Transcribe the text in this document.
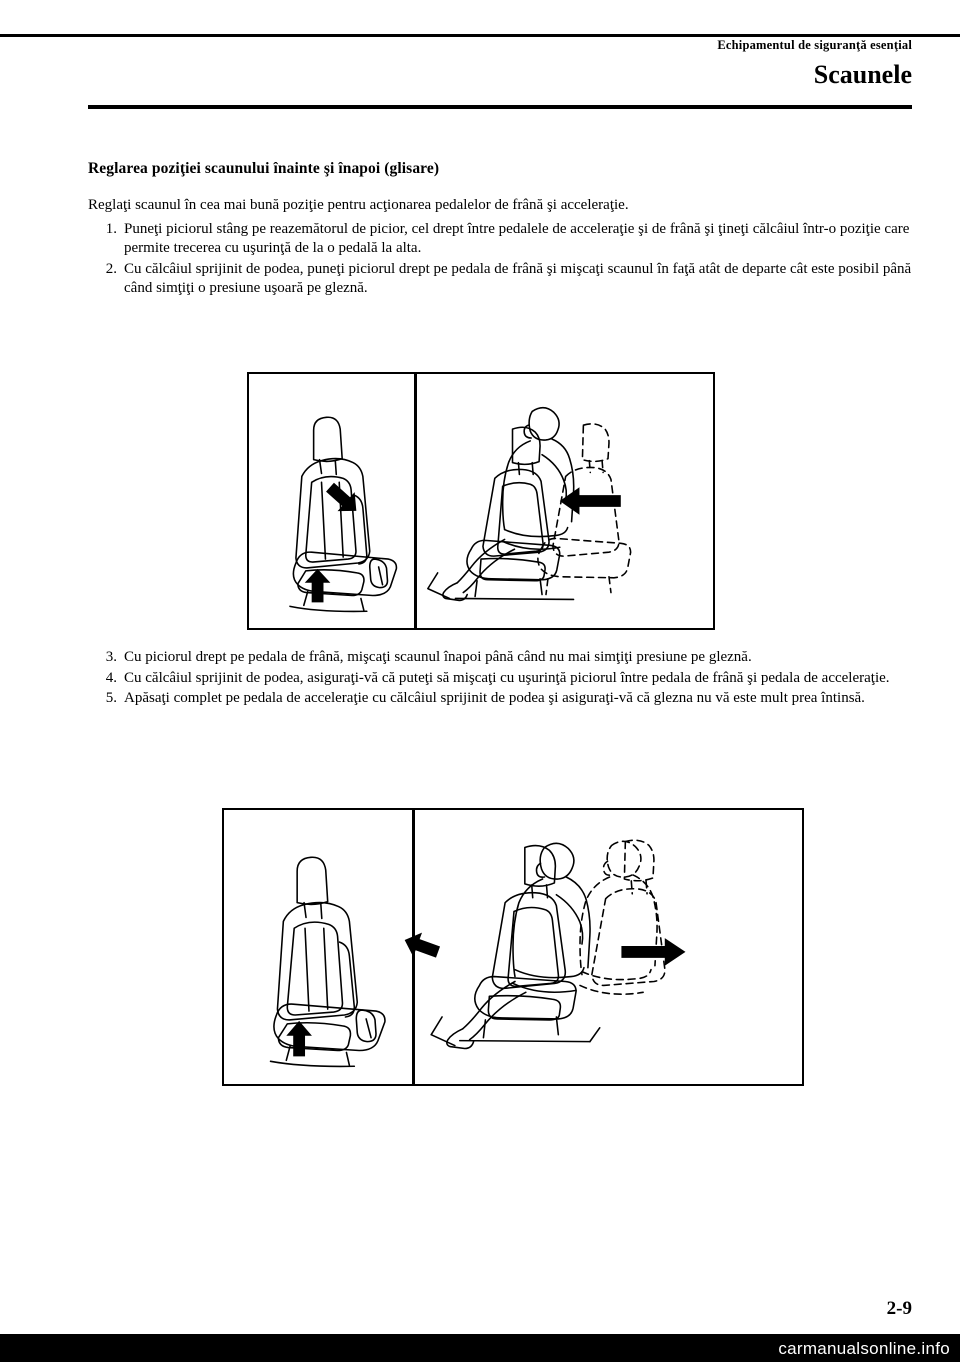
Echipamentul de siguranţă esenţial
Scaunele

Reglarea poziţiei scaunului înainte şi înapoi (glisare)

Reglaţi scaunul în cea mai bună poziţie pentru acţionarea pedalelor de frână şi acceleraţie.

1. Puneţi piciorul stâng pe reazemătorul de picior, cel drept între pedalele de acceleraţie şi de frână şi ţineţi călcâiul într-o poziţie care permite trecerea cu uşurinţă de la o pedală la alta.
2. Cu călcâiul sprijinit de podea, puneţi piciorul drept pe pedala de frână şi mişcaţi scaunul în faţă atât de departe cât este posibil până când simţiţi o presiune uşoară pe gleznă.
3. Cu piciorul drept pe pedala de frână, mişcaţi scaunul înapoi până când nu mai simţiţi presiune pe gleznă.
4. Cu călcâiul sprijinit de podea, asiguraţi-vă că puteţi să mişcaţi cu uşurinţă piciorul între pedala de frână şi pedala de acceleraţie.
5. Apăsaţi complet pe pedala de acceleraţie cu călcâiul sprijinit de podea şi asiguraţi-vă că glezna nu vă este mult prea întinsă.
2-9
carmanualsonline.info
